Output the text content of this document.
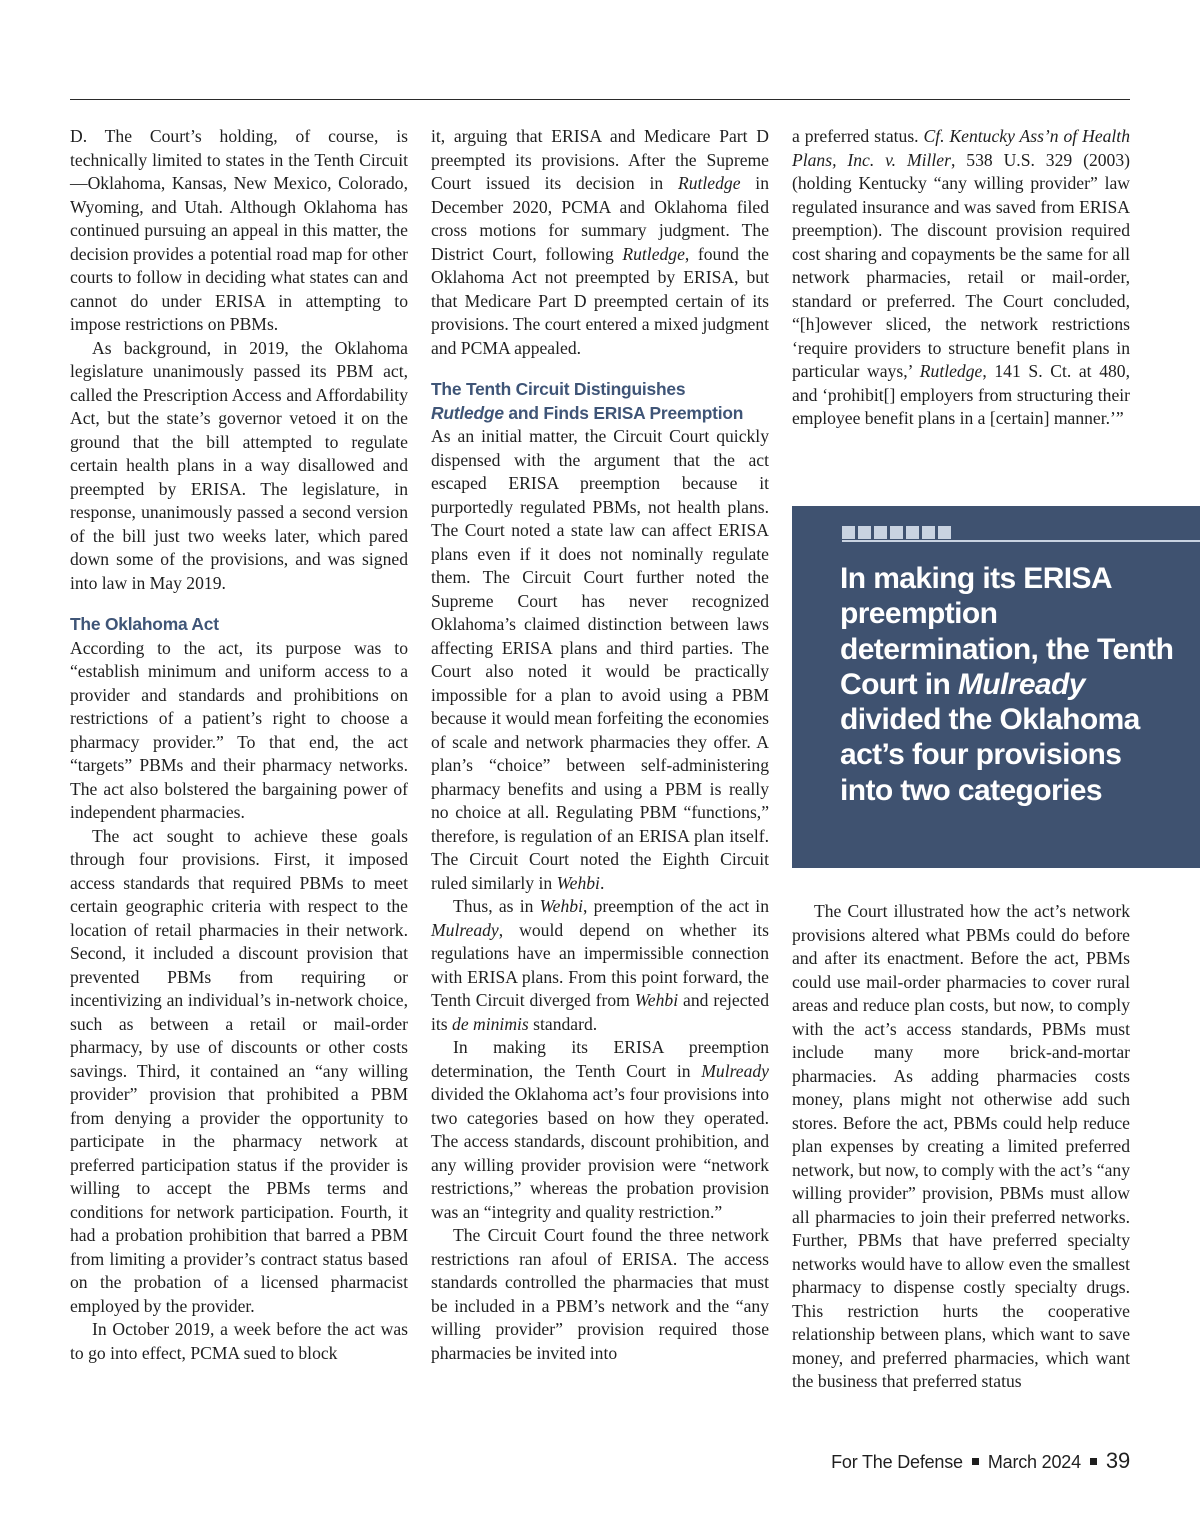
D. The Court’s holding, of course, is technically limited to states in the Tenth Circuit—Oklahoma, Kansas, New Mexico, Colorado, Wyoming, and Utah. Although Oklahoma has continued pursuing an appeal in this matter, the decision provides a potential road map for other courts to follow in deciding what states can and cannot do under ERISA in attempting to impose restrictions on PBMs.

As background, in 2019, the Oklahoma legislature unanimously passed its PBM act, called the Prescription Access and Affordability Act, but the state’s governor vetoed it on the ground that the bill attempted to regulate certain health plans in a way disallowed and preempted by ERISA. The legislature, in response, unanimously passed a second version of the bill just two weeks later, which pared down some of the provisions, and was signed into law in May 2019.

The Oklahoma Act

According to the act, its purpose was to “establish minimum and uniform access to a provider and standards and prohibitions on restrictions of a patient’s right to choose a pharmacy provider.” To that end, the act “targets” PBMs and their pharmacy networks. The act also bolstered the bargaining power of independent pharmacies.

The act sought to achieve these goals through four provisions. First, it imposed access standards that required PBMs to meet certain geographic criteria with respect to the location of retail pharmacies in their network. Second, it included a discount provision that prevented PBMs from requiring or incentivizing an individual’s in-network choice, such as between a retail or mail-order pharmacy, by use of discounts or other costs savings. Third, it contained an “any willing provider” provision that prohibited a PBM from denying a provider the opportunity to participate in the pharmacy network at preferred participation status if the provider is willing to accept the PBMs terms and conditions for network participation. Fourth, it had a probation prohibition that barred a PBM from limiting a provider’s contract status based on the probation of a licensed pharmacist employed by the provider.

In October 2019, a week before the act was to go into effect, PCMA sued to block

it, arguing that ERISA and Medicare Part D preempted its provisions. After the Supreme Court issued its decision in Rutledge in December 2020, PCMA and Oklahoma filed cross motions for summary judgment. The District Court, following Rutledge, found the Oklahoma Act not preempted by ERISA, but that Medicare Part D preempted certain of its provisions. The court entered a mixed judgment and PCMA appealed.

The Tenth Circuit Distinguishes
Rutledge and Finds ERISA Preemption

As an initial matter, the Circuit Court quickly dispensed with the argument that the act escaped ERISA preemption because it purportedly regulated PBMs, not health plans. The Court noted a state law can affect ERISA plans even if it does not nominally regulate them. The Circuit Court further noted the Supreme Court has never recognized Oklahoma’s claimed distinction between laws affecting ERISA plans and third parties. The Court also noted it would be practically impossible for a plan to avoid using a PBM because it would mean forfeiting the economies of scale and network pharmacies they offer. A plan’s “choice” between self-administering pharmacy benefits and using a PBM is really no choice at all. Regulating PBM “functions,” therefore, is regulation of an ERISA plan itself. The Circuit Court noted the Eighth Circuit ruled similarly in Wehbi.

Thus, as in Wehbi, preemption of the act in Mulready, would depend on whether its regulations have an impermissible connection with ERISA plans. From this point forward, the Tenth Circuit diverged from Wehbi and rejected its de minimis standard.

In making its ERISA preemption determination, the Tenth Court in Mulready divided the Oklahoma act’s four provisions into two categories based on how they operated. The access standards, discount prohibition, and any willing provider provision were “network restrictions,” whereas the probation provision was an “integrity and quality restriction.”

The Circuit Court found the three network restrictions ran afoul of ERISA. The access standards controlled the pharmacies that must be included in a PBM’s network and the “any willing provider” provision required those pharmacies be invited into

a preferred status. Cf. Kentucky Ass’n of Health Plans, Inc. v. Miller, 538 U.S. 329 (2003) (holding Kentucky “any willing provider” law regulated insurance and was saved from ERISA preemption). The discount provision required cost sharing and copayments be the same for all network pharmacies, retail or mail-order, standard or preferred. The Court concluded, “[h]owever sliced, the network restrictions ‘require providers to structure benefit plans in particular ways,’ Rutledge, 141 S. Ct. at 480, and ‘prohibit[] employers from structuring their employee benefit plans in a [certain] manner.’”

In making its ERISA preemption determination, the Tenth Court in Mulready divided the Oklahoma act’s four provisions into two categories

The Court illustrated how the act’s network provisions altered what PBMs could do before and after its enactment. Before the act, PBMs could use mail-order pharmacies to cover rural areas and reduce plan costs, but now, to comply with the act’s access standards, PBMs must include many more brick-and-mortar pharmacies. As adding pharmacies costs money, plans might not otherwise add such stores. Before the act, PBMs could help reduce plan expenses by creating a limited preferred network, but now, to comply with the act’s “any willing provider” provision, PBMs must allow all pharmacies to join their preferred networks. Further, PBMs that have preferred specialty networks would have to allow even the smallest pharmacy to dispense costly specialty drugs. This restriction hurts the cooperative relationship between plans, which want to save money, and preferred pharmacies, which want the business that preferred status

For The Defense March 2024 39
